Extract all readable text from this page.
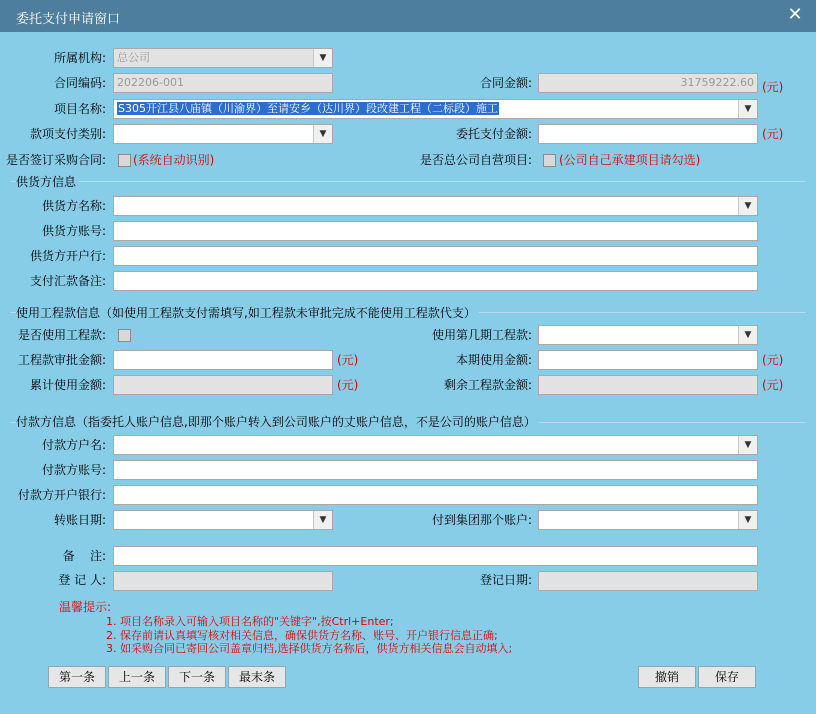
委托支付申请窗口	✕
所属机构:	总公司	▼
合同编码:	202206-001	合同金额:	31759222.60 (元)
项目名称:	S305开江县八庙镇（川渝界）至请安乡（达川界）段改建工程（二标段）施工	▼
款项支付类别:	▼	委托支付金额:	(元)
是否签订采购合同: (系统自动识别)	是否总公司自营项目: (公司自己承建项目请勾选)
供货方信息
供货方名称:	▼
供货方账号:
供货方开户行:
支付汇款备注:
使用工程款信息（如使用工程款支付需填写,如工程款未审批完成不能使用工程款代支）
是否使用工程款:	使用第几期工程款:	▼
工程款审批金额:	(元)	本期使用金额:	(元)
累计使用金额:	(元)	剩余工程款金额:	(元)
付款方信息（指委托人账户信息,即那个账户转入到公司账户的丈账户信息，不是公司的账户信息）
付款方户名:	▼
付款方账号:
付款方开户银行:
转账日期:	▼	付到集团那个账户:	▼
备    注:
登 记 人:	登记日期:
温馨提示:
1. 项目名称录入可输入项目名称的"关键字",按Ctrl+Enter;
2. 保存前请认真填写核对相关信息，确保供货方名称、账号、开户银行信息正确;
3. 如采购合同已寄回公司盖章归档,选择供货方名称后，供货方相关信息会自动填入;
第一条	上一条	下一条	最末条	撤销	保存
